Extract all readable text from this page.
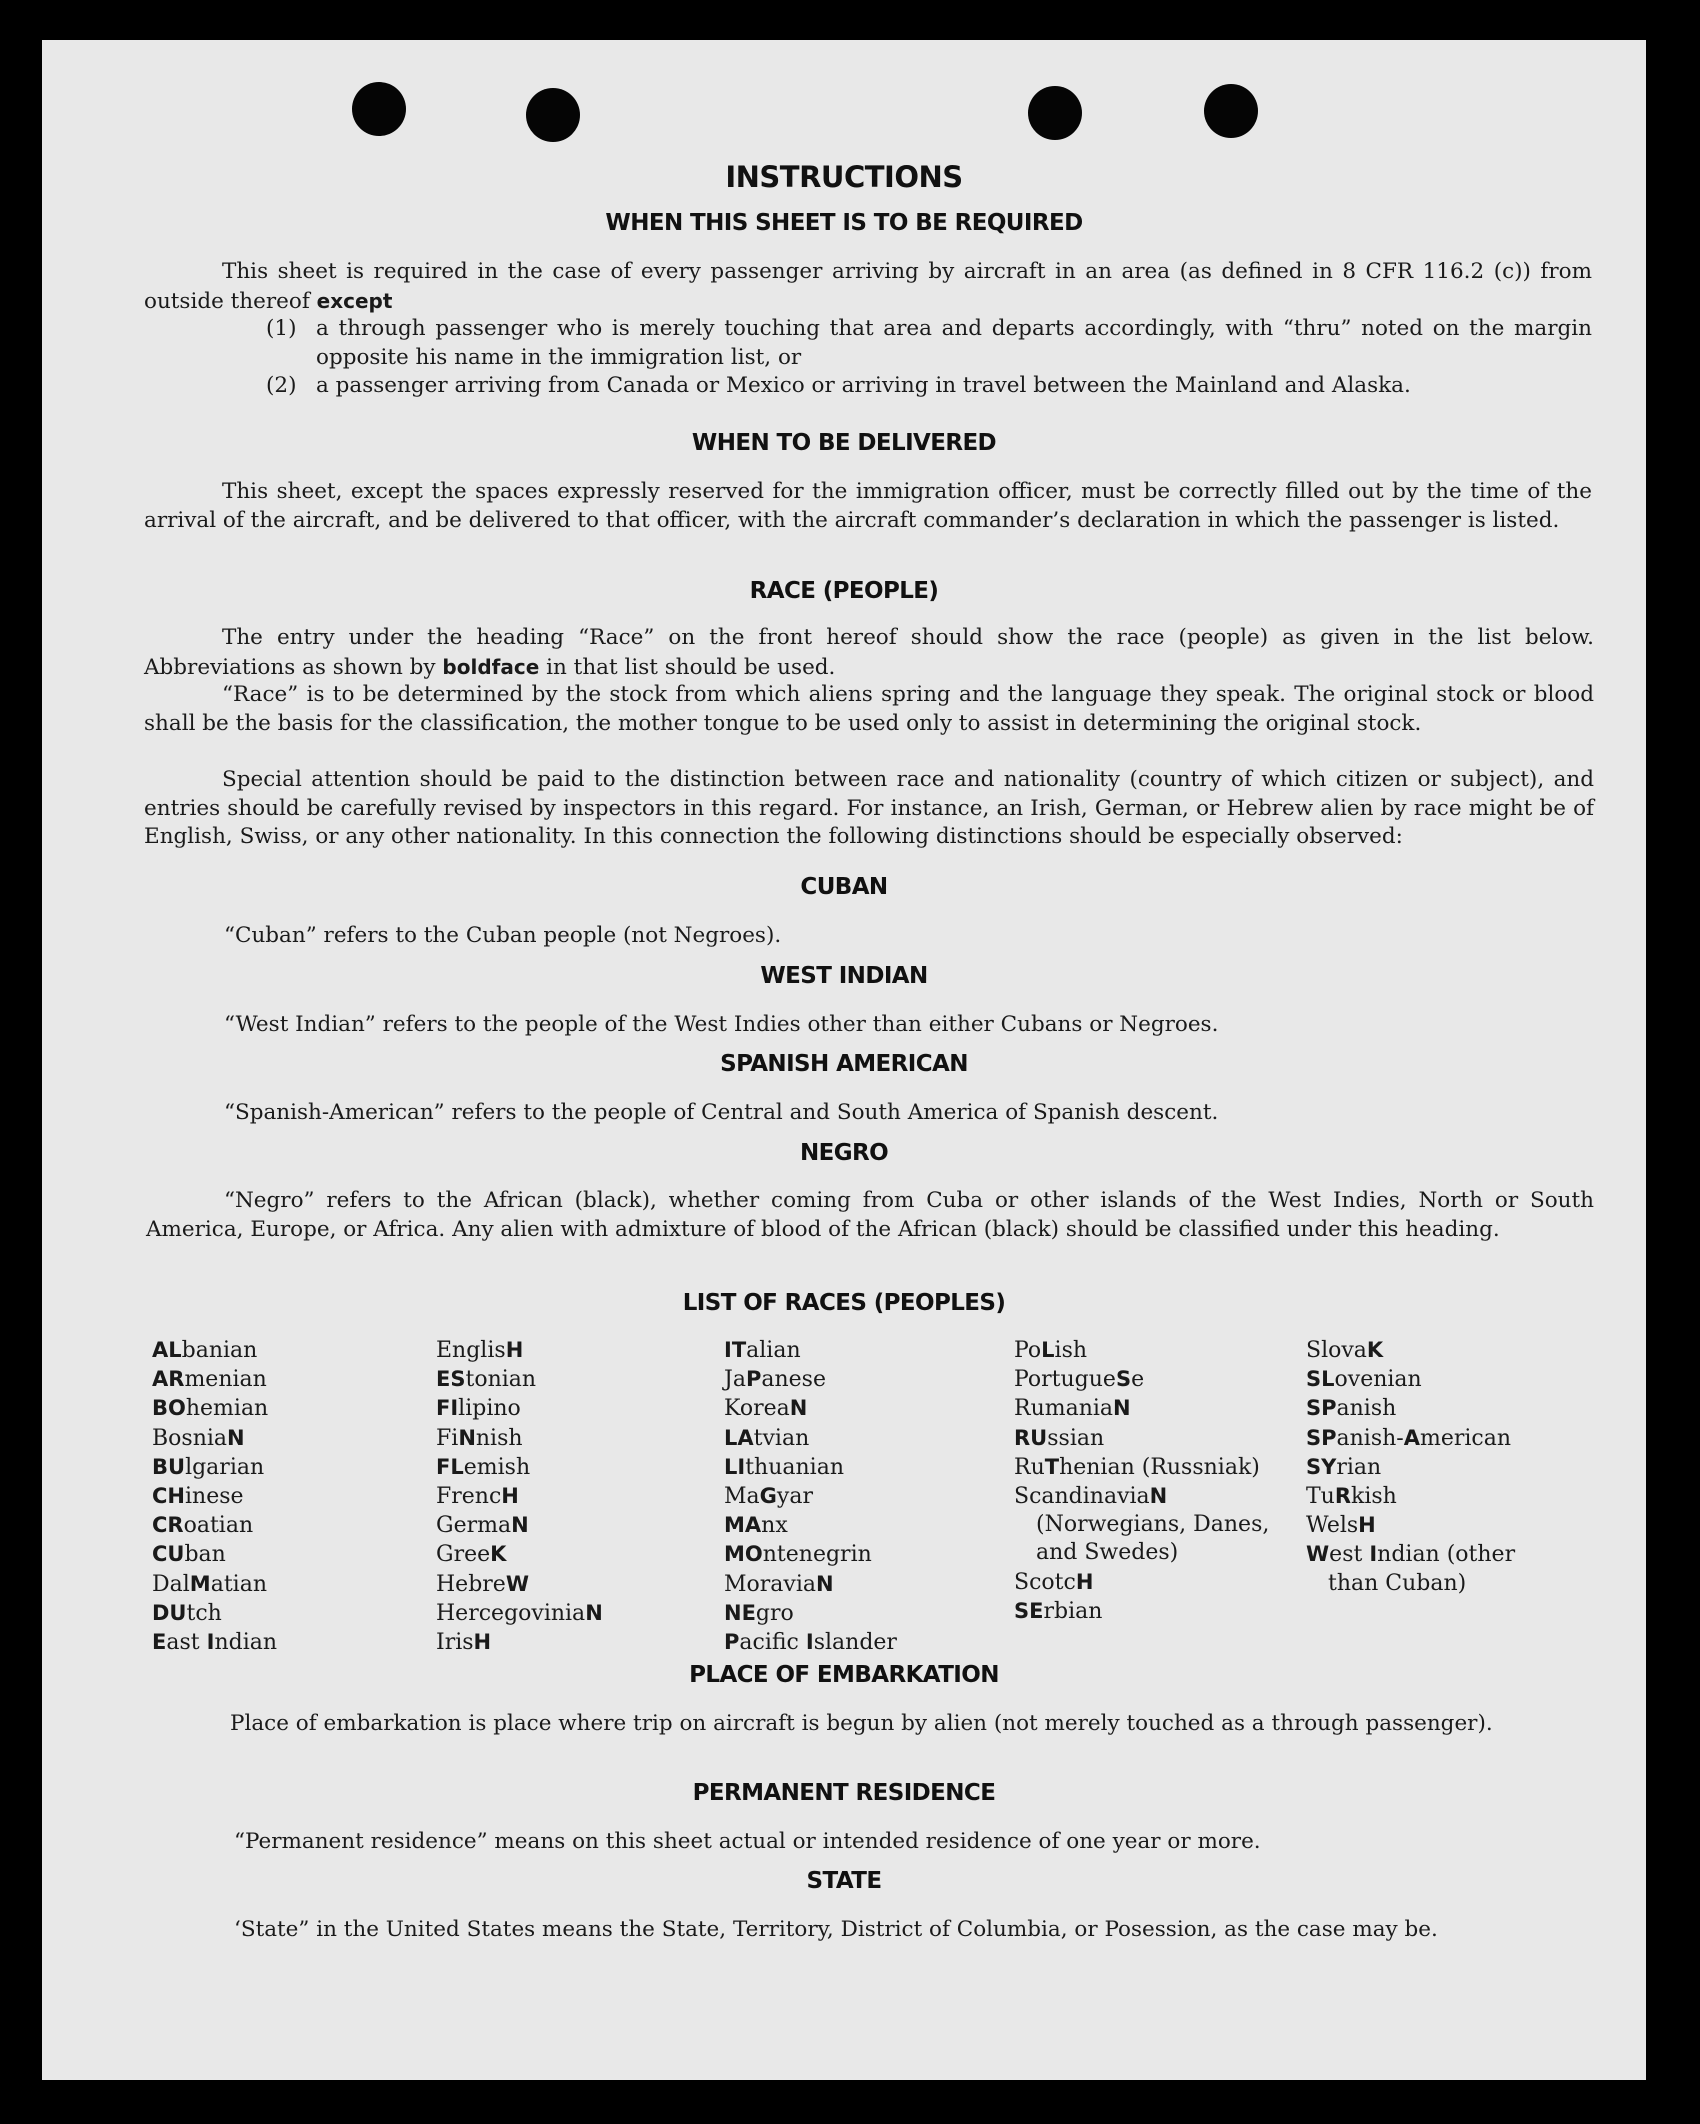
INSTRUCTIONS
WHEN THIS SHEET IS TO BE REQUIRED
This sheet is required in the case of every passenger arriving by aircraft in an area (as defined in 8 CFR 116.2 (c)) from outside thereof except
(1) a through passenger who is merely touching that area and departs accordingly, with “thru” noted on the margin opposite his name in the immigration list, or
(2) a passenger arriving from Canada or Mexico or arriving in travel between the Mainland and Alaska.
WHEN TO BE DELIVERED
This sheet, except the spaces expressly reserved for the immigration officer, must be correctly filled out by the time of the arrival of the aircraft, and be delivered to that officer, with the aircraft commander’s declaration in which the passenger is listed.
RACE (PEOPLE)
The entry under the heading “Race” on the front hereof should show the race (people) as given in the list below. Abbreviations as shown by boldface in that list should be used.
“Race” is to be determined by the stock from which aliens spring and the language they speak. The original stock or blood shall be the basis for the classification, the mother tongue to be used only to assist in determining the original stock.
Special attention should be paid to the distinction between race and nationality (country of which citizen or subject), and entries should be carefully revised by inspectors in this regard. For instance, an Irish, German, or Hebrew alien by race might be of English, Swiss, or any other nationality. In this connection the following distinctions should be especially observed:
CUBAN
“Cuban” refers to the Cuban people (not Negroes).
WEST INDIAN
“West Indian” refers to the people of the West Indies other than either Cubans or Negroes.
SPANISH AMERICAN
“Spanish-American” refers to the people of Central and South America of Spanish descent.
NEGRO
“Negro” refers to the African (black), whether coming from Cuba or other islands of the West Indies, North or South America, Europe, or Africa. Any alien with admixture of blood of the African (black) should be classified under this heading.
LIST OF RACES (PEOPLES)
ALbanian
ARmenian
BOhemian
BosniaN
BUlgarian
CHinese
CRoatian
CUban
DalMatian
DUtch
East Indian
EnglisH
EStonian
FIlipino
FiNnish
FLemish
FrencH
GermaN
GreeK
HebreW
HercegoviniaN
IrisH
ITalian
JaPanese
KoreaN
LAtvian
LIthuanian
MaGyar
MAnx
MOntenegrin
MoraviaN
NEgro
Pacific Islander
PoLish
PortugueSe
RumaniaN
RUssian
RuThenian (Russniak)
ScandinaviaN (Norwegians, Danes, and Swedes)
ScotcH
SErbian
SlovaK
SLovenian
SPanish
SPanish-American
SYrian
TuRkish
WelsH
West Indian (other than Cuban)
PLACE OF EMBARKATION
Place of embarkation is place where trip on aircraft is begun by alien (not merely touched as a through passenger).
PERMANENT RESIDENCE
“Permanent residence” means on this sheet actual or intended residence of one year or more.
STATE
‘State” in the United States means the State, Territory, District of Columbia, or Posession, as the case may be.
